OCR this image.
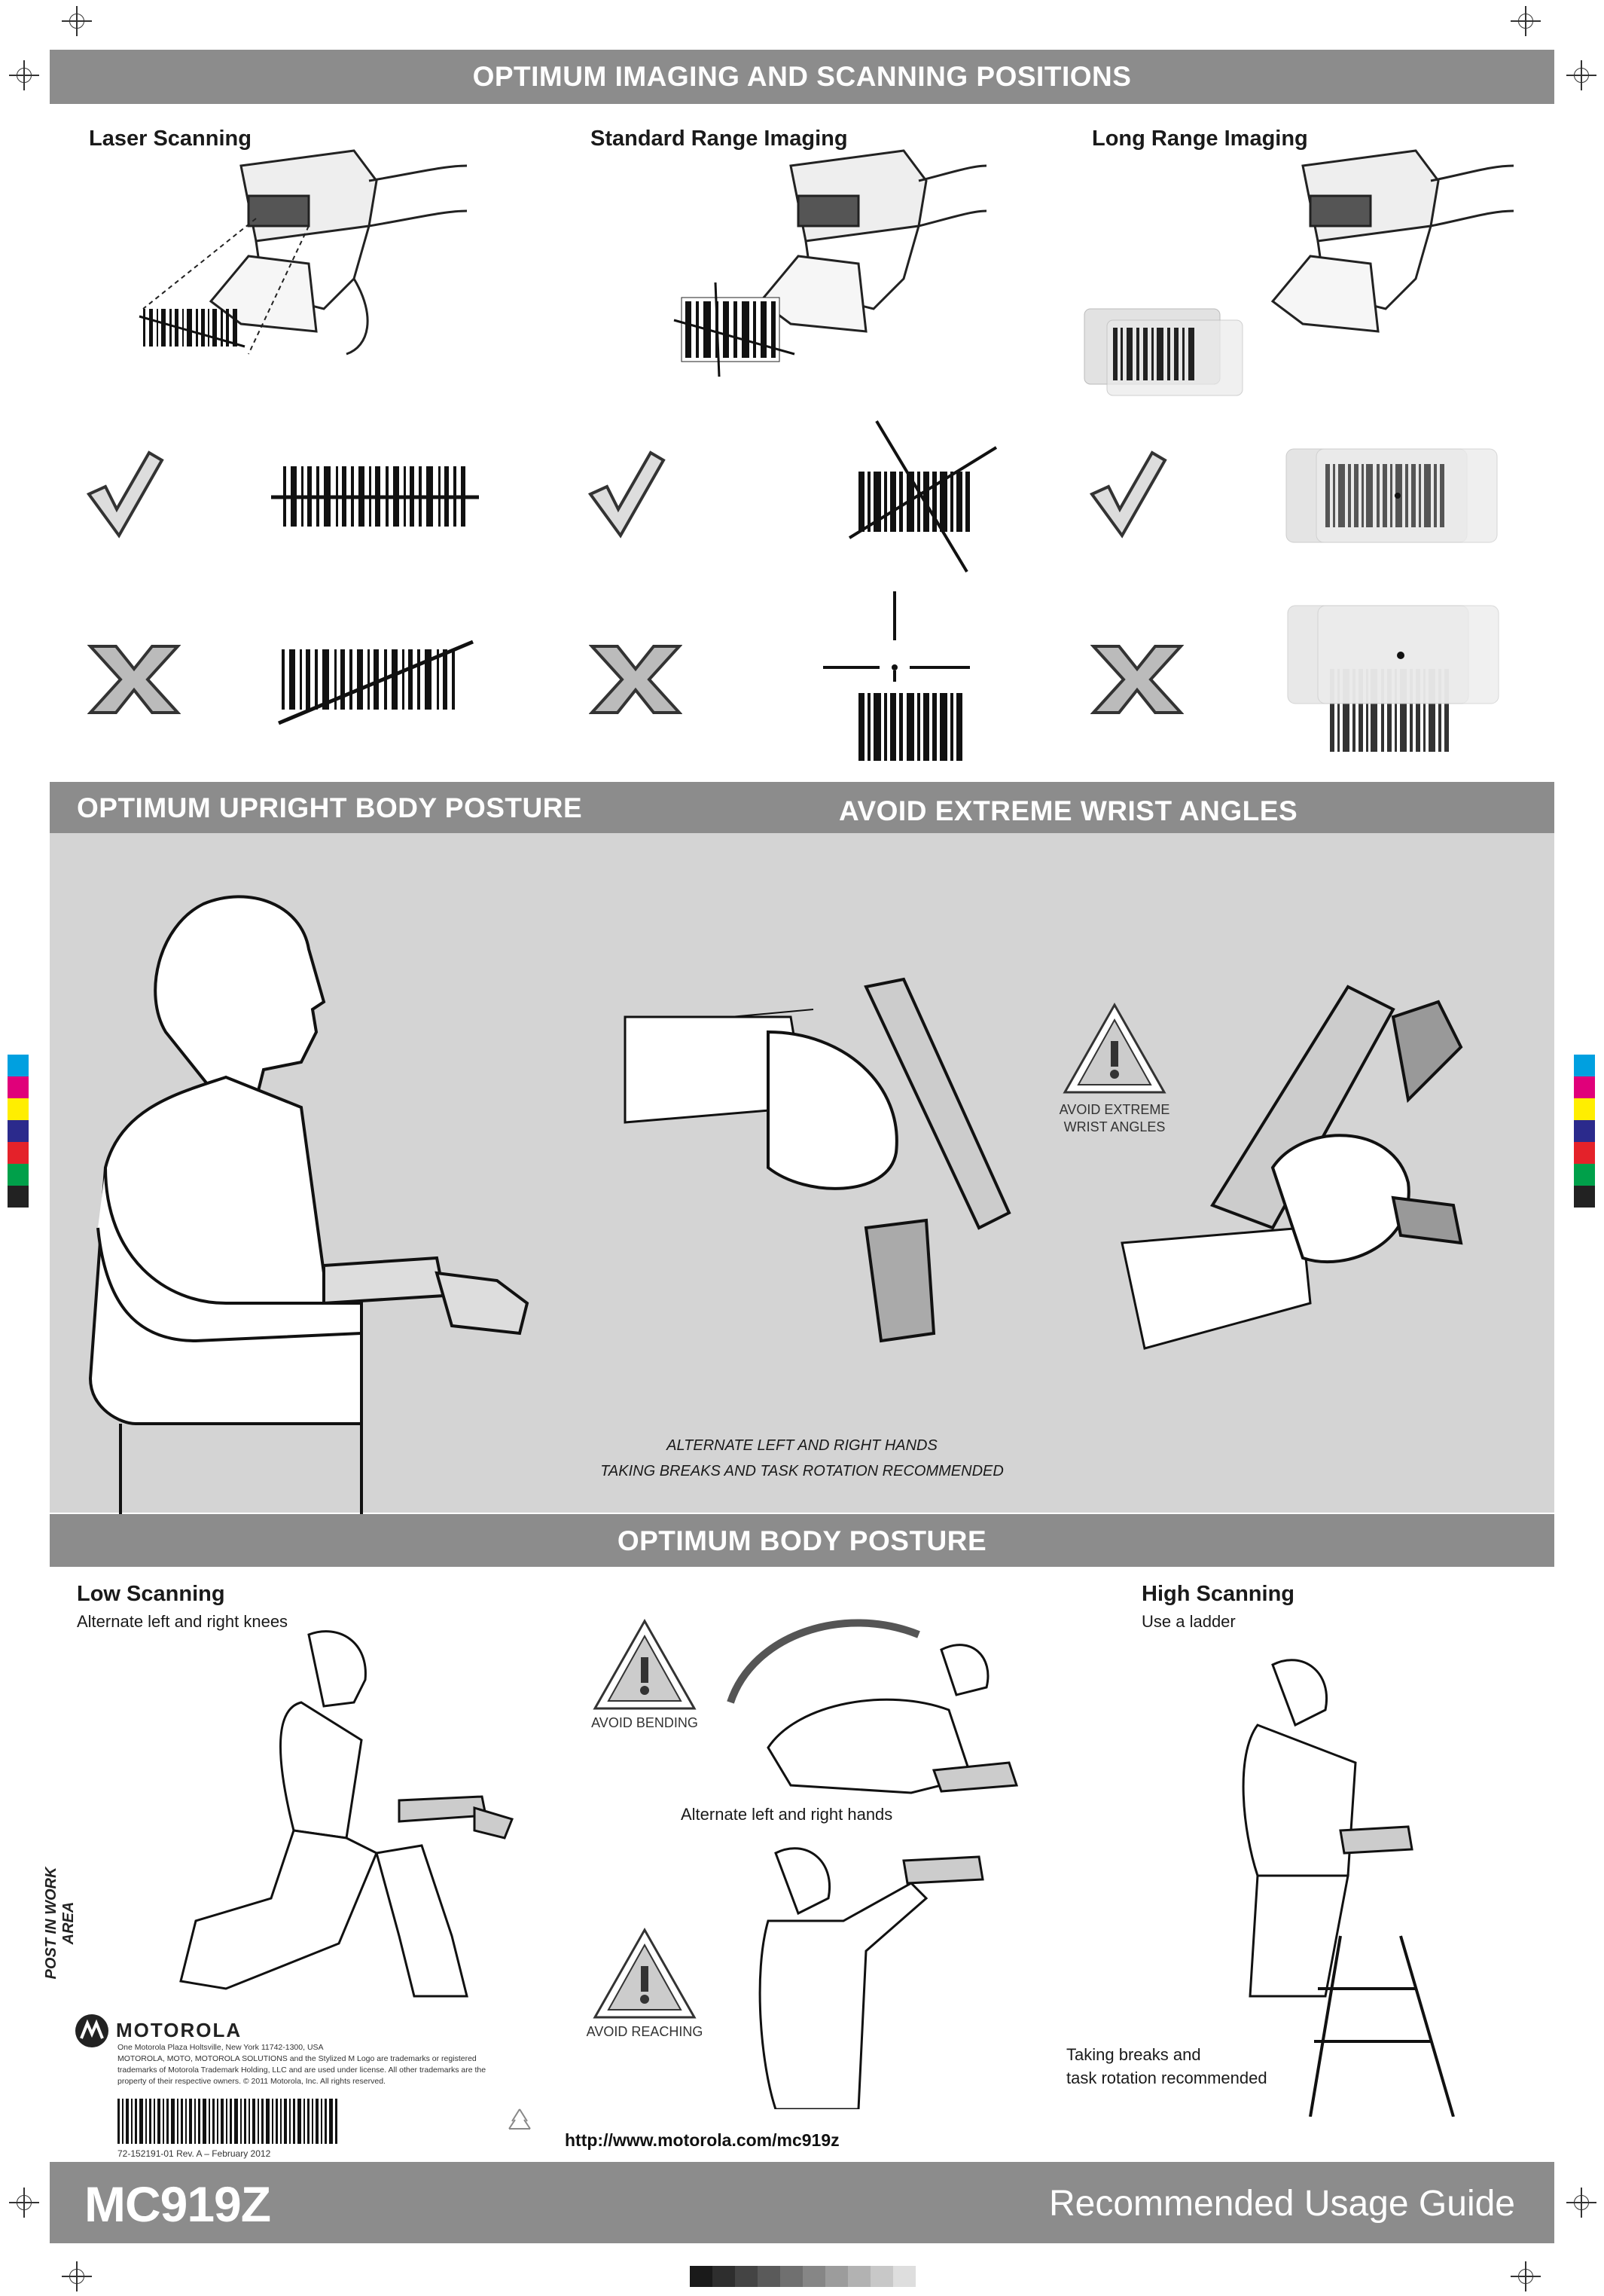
OPTIMUM IMAGING AND SCANNING POSITIONS
Laser Scanning	Standard Range Imaging	Long Range Imaging
OPTIMUM UPRIGHT BODY POSTURE	AVOID EXTREME WRIST ANGLES
AVOID EXTREME
WRIST ANGLES
ALTERNATE LEFT AND RIGHT HANDS
TAKING BREAKS AND TASK ROTATION RECOMMENDED
OPTIMUM BODY POSTURE
Low Scanning
Alternate left and right knees
High Scanning
Use a ladder
AVOID BENDING
Alternate left and right hands
AVOID REACHING
Taking breaks and
task rotation recommended
POST IN WORK AREA
MOTOROLA
One Motorola Plaza Holtsville, New York 11742-1300, USA
MOTOROLA, MOTO, MOTOROLA SOLUTIONS and the Stylized M Logo are trademarks or registered
trademarks of Motorola Trademark Holding, LLC and are used under license. All other trademarks are the
property of their respective owners. © 2011 Motorola, Inc. All rights reserved.
72-152191-01 Rev. A – February 2012
http://www.motorola.com/mc919z
MC919Z	Recommended Usage Guide
